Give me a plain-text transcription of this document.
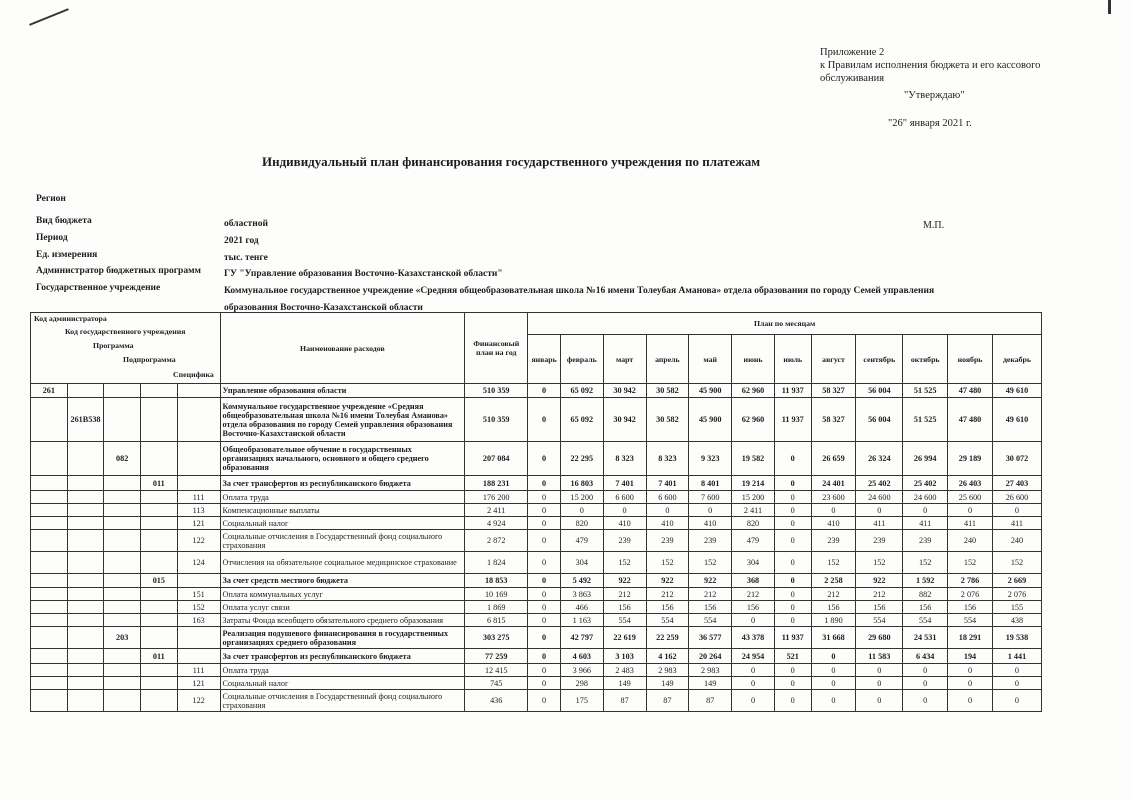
Приложение 2
к Правилам исполнения бюджета и его кассового
обслуживания
"Утверждаю"
"26" января 2021 г.
Индивидуальный план финансирования государственного учреждения по платежам
Регион
Вид бюджета	областной
Период	2021 год
Ед. измерения	тыс. тенге
Администратор бюджетных программ	ГУ "Управление образования Восточно-Казахстанской области"
Государственное учреждение	Коммунальное государственное учреждение «Средняя общеобразовательная школа №16 имени Толеубая Аманова» отдела образования по городу Семей управления образования Восточно-Казахстанской области
М.П.
Код администратора
Код государственного учреждения
Программа
Подпрограмма
Специфика					Наименование расходов	Финансовый план на год	План по месяцам											
							январь	февраль	март	апрель	май	июнь	июль	август	сентябрь	октябрь	ноябрь	декабрь
261					Управление образования области	510 359	0	65 092	30 942	30 582	45 900	62 960	11 937	58 327	56 004	51 525	47 480	49 610
	261B538				Коммунальное государственное учреждение «Средняя общеобразовательная школа №16 имени Толеубая Аманова» отдела образования по городу Семей управления образования Восточно-Казахстанской области	510 359	0	65 092	30 942	30 582	45 900	62 960	11 937	58 327	56 004	51 525	47 480	49 610
		082			Общеобразовательное обучение в государственных организациях начального, основного и общего среднего образования	207 084	0	22 295	8 323	8 323	9 323	19 582	0	26 659	26 324	26 994	29 189	30 072
			011		За счет трансфертов из республиканского бюджета	188 231	0	16 803	7 401	7 401	8 401	19 214	0	24 401	25 402	25 402	26 403	27 403
				111	Оплата труда	176 200	0	15 200	6 600	6 600	7 600	15 200	0	23 600	24 600	24 600	25 600	26 600
				113	Компенсационные выплаты	2 411	0	0	0	0	0	2 411	0	0	0	0	0	0
				121	Социальный налог	4 924	0	820	410	410	410	820	0	410	411	411	411	411
				122	Социальные отчисления в Государственный фонд социального страхования	2 872	0	479	239	239	239	479	0	239	239	239	240	240
				124	Отчисления на обязательное социальное медицинское страхование	1 824	0	304	152	152	152	304	0	152	152	152	152	152
			015		За счет средств местного бюджета	18 853	0	5 492	922	922	922	368	0	2 258	922	1 592	2 786	2 669
				151	Оплата коммунальных услуг	10 169	0	3 863	212	212	212	212	0	212	212	882	2 076	2 076
				152	Оплата услуг связи	1 869	0	466	156	156	156	156	0	156	156	156	156	155
				163	Затраты Фонда всеобщего обязательного среднего образования	6 815	0	1 163	554	554	554	0	0	1 890	554	554	554	438
		203			Реализация подушевого финансирования в государственных организациях среднего образования	303 275	0	42 797	22 619	22 259	36 577	43 378	11 937	31 668	29 680	24 531	18 291	19 538
			011		За счет трансфертов из республиканского бюджета	77 259	0	4 603	3 103	4 162	20 264	24 954	521	0	11 583	6 434	194	1 441
				111	Оплата труда	12 415	0	3 966	2 483	2 983	2 983	0	0	0	0	0	0	0
				121	Социальный налог	745	0	298	149	149	149	0	0	0	0	0	0	0
				122	Социальные отчисления в Государственный фонд социального страхования	436	0	175	87	87	87	0	0	0	0	0	0	0
